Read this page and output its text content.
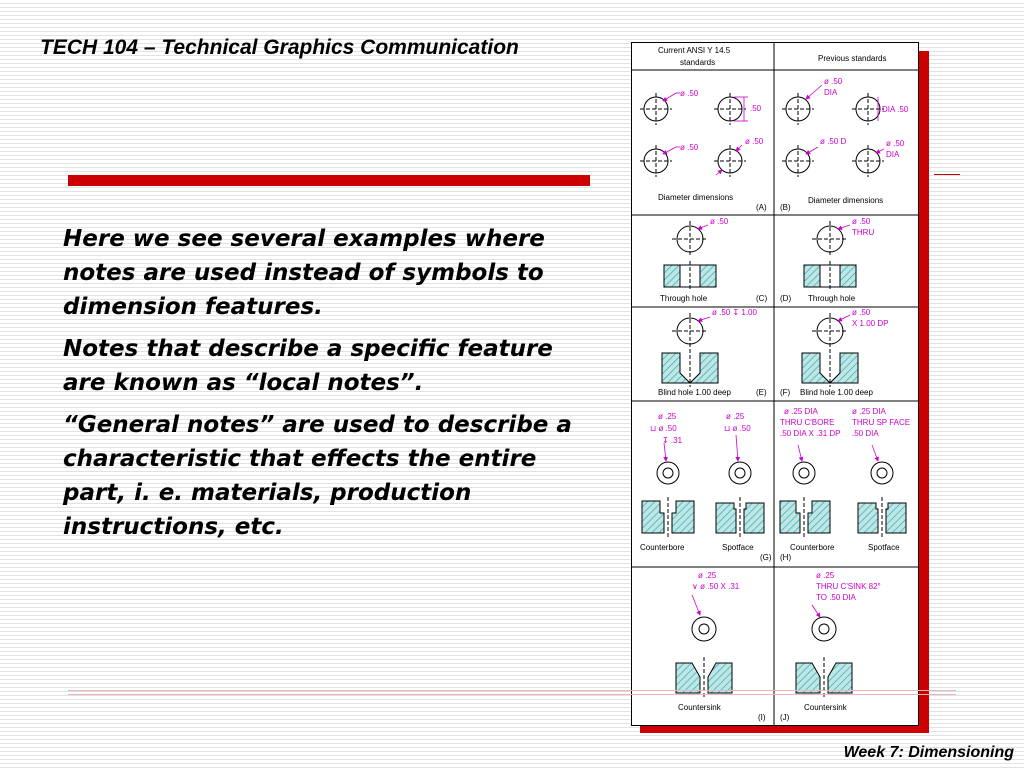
TECH 104 – Technical Graphics Communication

Here we see several examples where notes are used instead of symbols to dimension features.

Notes that describe a specific feature are known as “local notes”.

“General notes” are used to describe a characteristic that effects the entire part, i. e. materials, production instructions, etc.

Current ANSI Y 14.5
standards	Previous standards
ø .50
.50
ø .50
ø .50
Diameter dimensions
(A)
ø .50
DIA
DIA .50
ø .50 D	ø .50
DIA
Diameter dimensions
(B)
ø .50
Through hole	(C)
ø .50
THRU
Through hole
(D)
ø .50 ↧ 1.00
Blind hole 1.00 deep	(E)
ø .50
X 1.00 DP
Blind hole 1.00 deep
(F)
ø .25
⊔ ø .50
↧ .31
ø .25
⊔ ø .50
Counterbore	Spotface
(G)
ø .25 DIA
THRU C'BORE
.50 DIA X .31 DP
ø .25 DIA
THRU SP FACE
.50 DIA
Counterbore	Spotface
(H)
ø .25
∨ ø .50 X .31
Countersink
(I)
ø .25
THRU C'SINK 82°
TO .50 DIA
Countersink
(J)
Week 7: Dimensioning
